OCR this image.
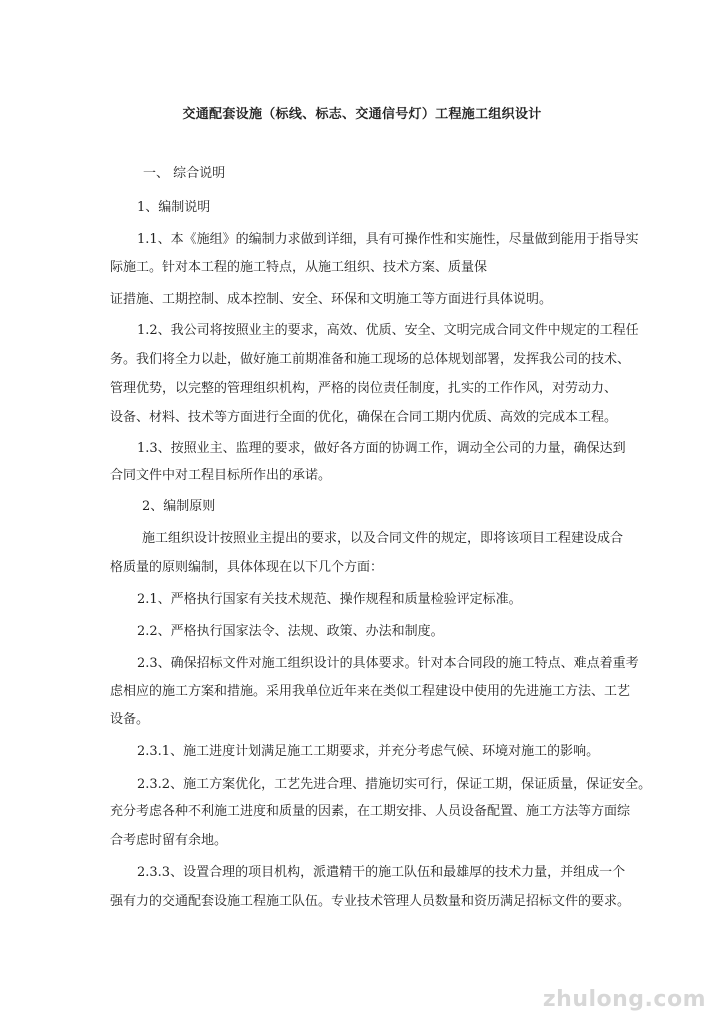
交通配套设施（标线、标志、交通信号灯）工程施工组织设计
一、 综合说明
1、编制说明
1.1、本《施组》的编制力求做到详细，具有可操作性和实施性，尽量做到能用于指导实
际施工。针对本工程的施工特点，从施工组织、技术方案、质量保
证措施、工期控制、成本控制、安全、环保和文明施工等方面进行具体说明。
1.2、我公司将按照业主的要求，高效、优质、安全、文明完成合同文件中规定的工程任
务。我们将全力以赴，做好施工前期准备和施工现场的总体规划部署，发挥我公司的技术、
管理优势，以完整的管理组织机构，严格的岗位责任制度，扎实的工作作风，对劳动力、
设备、材料、技术等方面进行全面的优化，确保在合同工期内优质、高效的完成本工程。
1.3、按照业主、监理的要求，做好各方面的协调工作，调动全公司的力量，确保达到
合同文件中对工程目标所作出的承诺。
2、编制原则
施工组织设计按照业主提出的要求，以及合同文件的规定，即将该项目工程建设成合
格质量的原则编制，具体体现在以下几个方面：
2.1、严格执行国家有关技术规范、操作规程和质量检验评定标准。
2.2、严格执行国家法令、法规、政策、办法和制度。
2.3、确保招标文件对施工组织设计的具体要求。针对本合同段的施工特点、难点着重考
虑相应的施工方案和措施。采用我单位近年来在类似工程建设中使用的先进施工方法、工艺
设备。
2.3.1、施工进度计划满足施工工期要求，并充分考虑气候、环境对施工的影响。
2.3.2、施工方案优化，工艺先进合理、措施切实可行，保证工期，保证质量，保证安全。
充分考虑各种不利施工进度和质量的因素，在工期安排、人员设备配置、施工方法等方面综
合考虑时留有余地。
2.3.3、设置合理的项目机构，派遣精干的施工队伍和最雄厚的技术力量，并组成一个
强有力的交通配套设施工程施工队伍。专业技术管理人员数量和资历满足招标文件的要求。
zhulong.com
